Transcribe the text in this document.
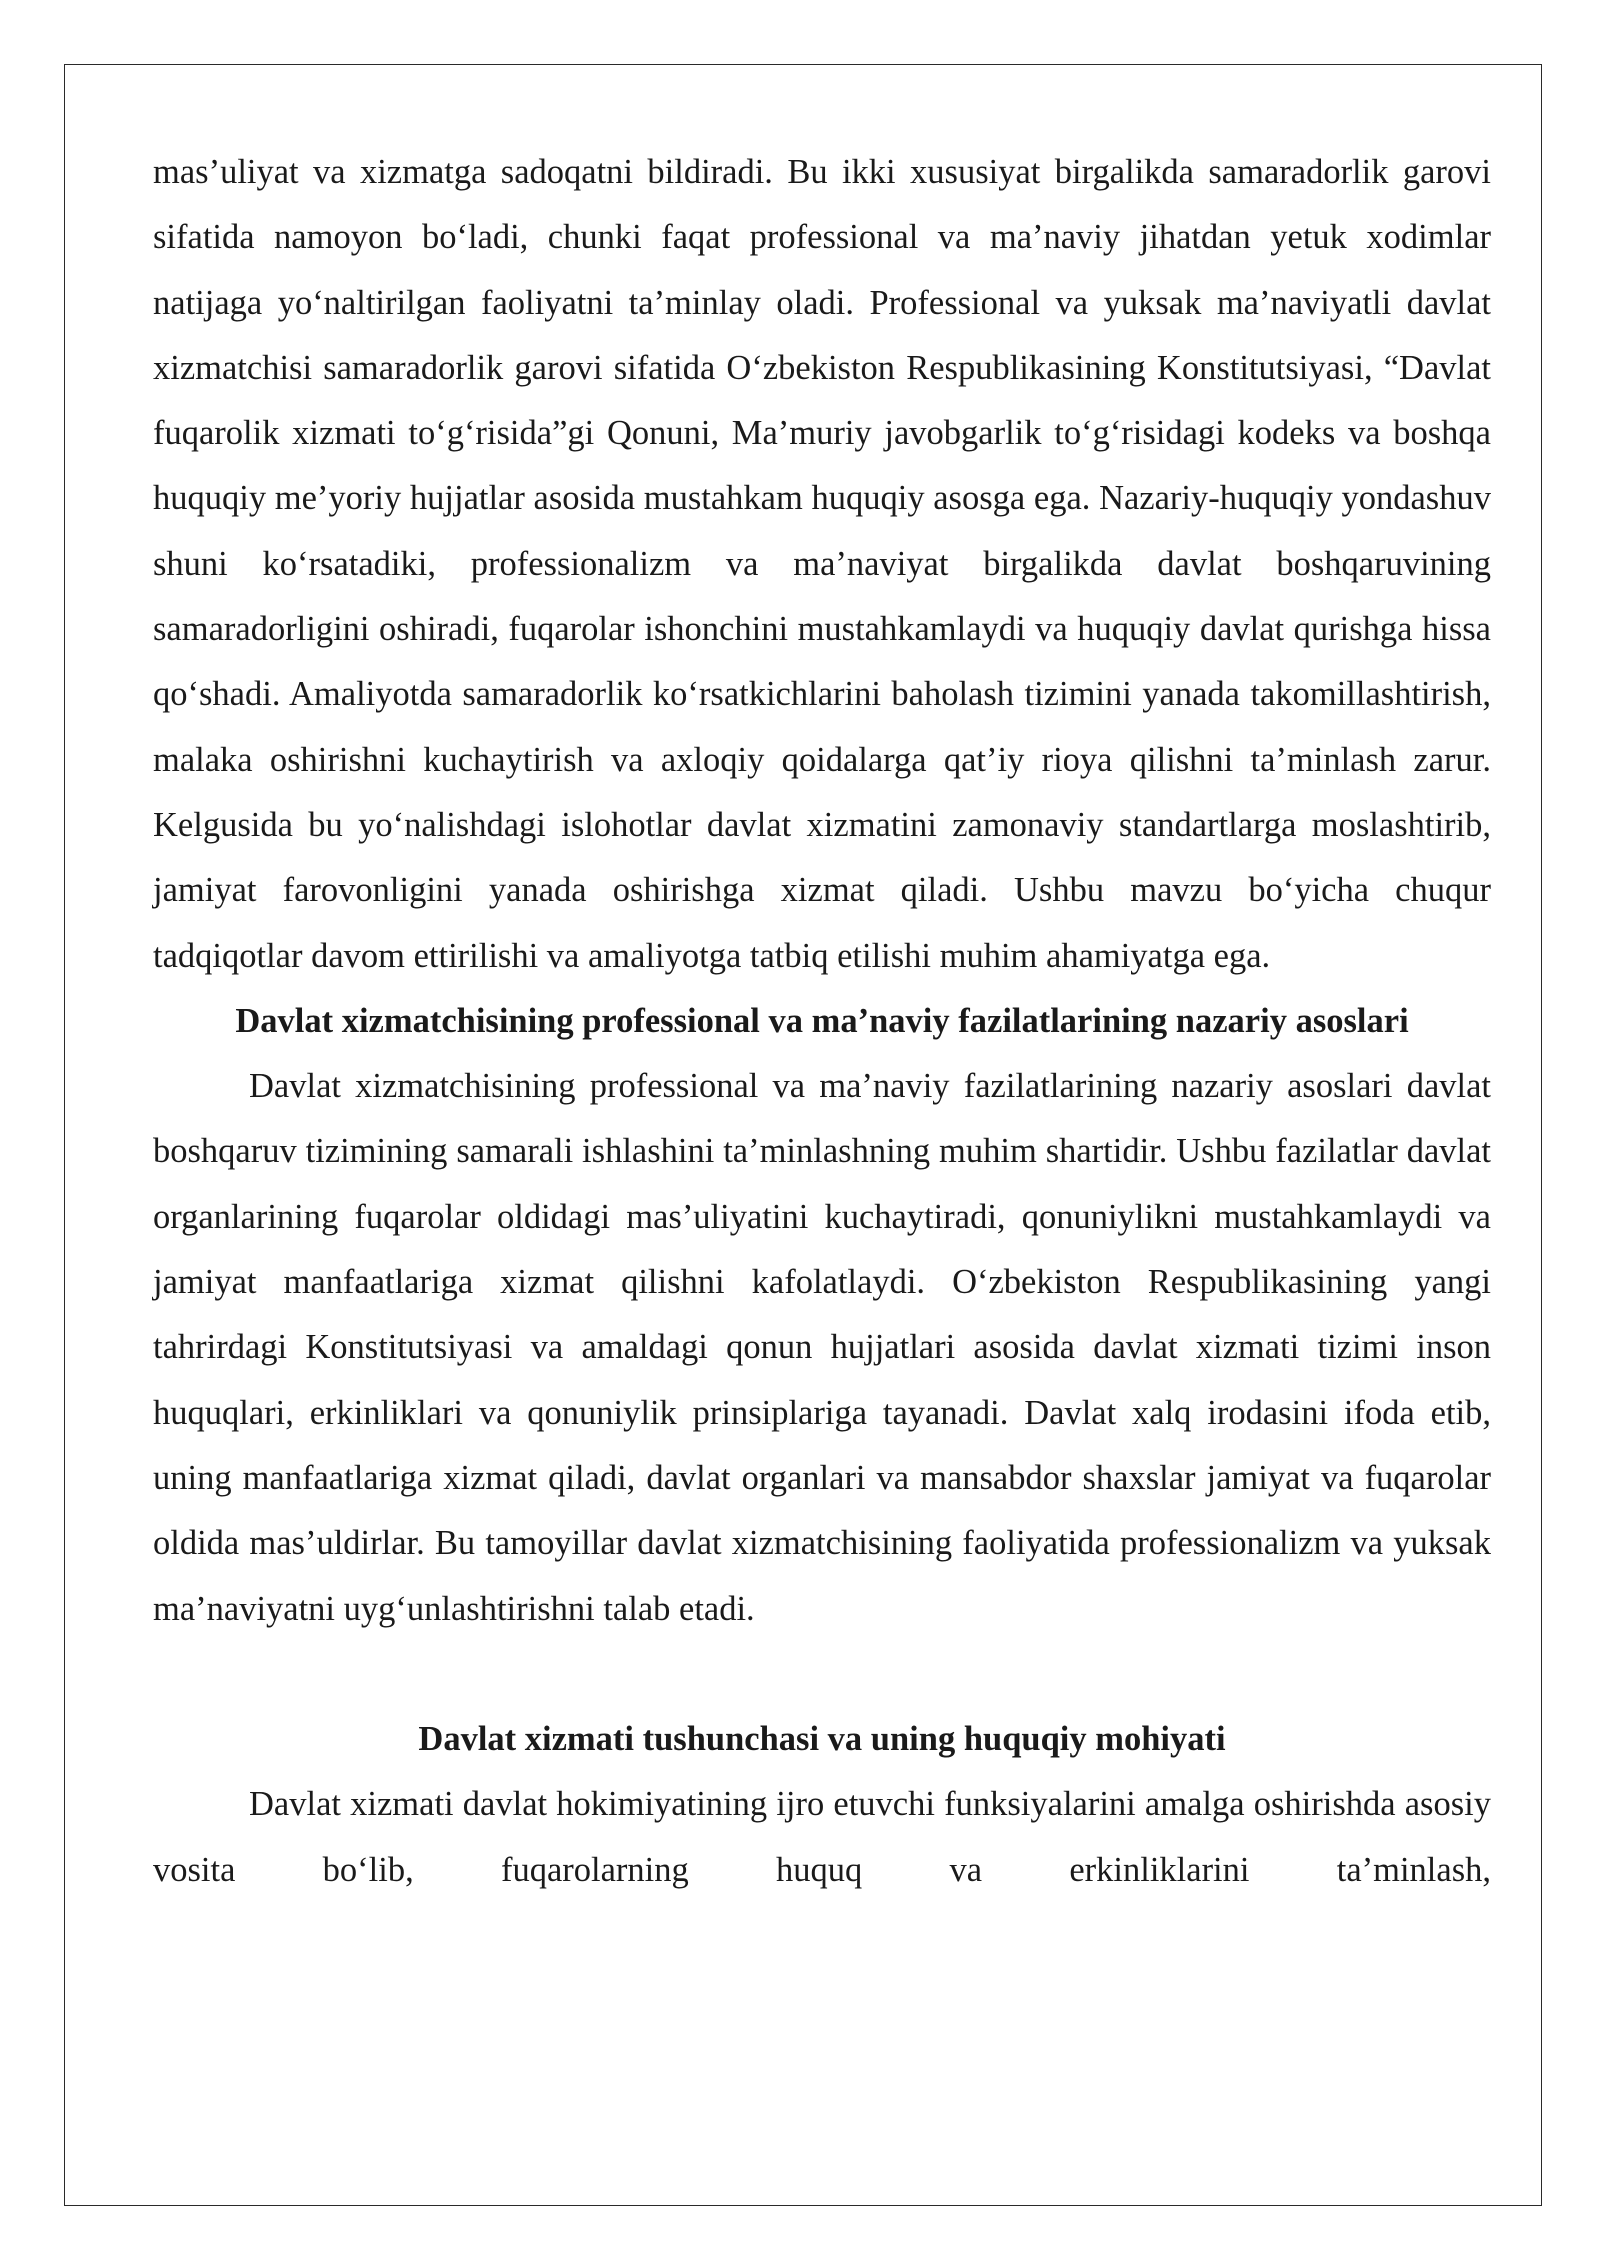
mas’uliyat va xizmatga sadoqatni bildiradi. Bu ikki xususiyat birgalikda samaradorlik garovi sifatida namoyon bo‘ladi, chunki faqat professional va ma’naviy jihatdan yetuk xodimlar natijaga yo‘naltirilgan faoliyatni ta’minlay oladi. Professional va yuksak ma’naviyatli davlat xizmatchisi samaradorlik garovi sifatida O‘zbekiston Respublikasining Konstitutsiyasi, “Davlat fuqarolik xizmati to‘g‘risida”gi Qonuni, Ma’muriy javobgarlik to‘g‘risidagi kodeks va boshqa huquqiy me’yoriy hujjatlar asosida mustahkam huquqiy asosga ega. Nazariy-huquqiy yondashuv shuni ko‘rsatadiki, professionalizm va ma’naviyat birgalikda davlat boshqaruvining samaradorligini oshiradi, fuqarolar ishonchini mustahkamlaydi va huquqiy davlat qurishga hissa qo‘shadi. Amaliyotda samaradorlik ko‘rsatkichlarini baholash tizimini yanada takomillashtirish, malaka oshirishni kuchaytirish va axloqiy qoidalarga qat’iy rioya qilishni ta’minlash zarur. Kelgusida bu yo‘nalishdagi islohotlar davlat xizmatini zamonaviy standartlarga moslashtirib, jamiyat farovonligini yanada oshirishga xizmat qiladi. Ushbu mavzu bo‘yicha chuqur tadqiqotlar davom ettirilishi va amaliyotga tatbiq etilishi muhim ahamiyatga ega.

Davlat xizmatchisining professional va ma’naviy fazilatlarining nazariy asoslari

Davlat xizmatchisining professional va ma’naviy fazilatlarining nazariy asoslari davlat boshqaruv tizimining samarali ishlashini ta’minlashning muhim shartidir. Ushbu fazilatlar davlat organlarining fuqarolar oldidagi mas’uliyatini kuchaytiradi, qonuniylikni mustahkamlaydi va jamiyat manfaatlariga xizmat qilishni kafolatlaydi. O‘zbekiston Respublikasining yangi tahrirdagi Konstitutsiyasi va amaldagi qonun hujjatlari asosida davlat xizmati tizimi inson huquqlari, erkinliklari va qonuniylik prinsiplariga tayanadi. Davlat xalq irodasini ifoda etib, uning manfaatlariga xizmat qiladi, davlat organlari va mansabdor shaxslar jamiyat va fuqarolar oldida mas’uldirlar. Bu tamoyillar davlat xizmatchisining faoliyatida professionalizm va yuksak ma’naviyatni uyg‘unlashtirishni talab etadi.

Davlat xizmati tushunchasi va uning huquqiy mohiyati

Davlat xizmati davlat hokimiyatining ijro etuvchi funksiyalarini amalga oshirishda asosiy vosita bo‘lib, fuqarolarning huquq va erkinliklarini ta’minlash,
